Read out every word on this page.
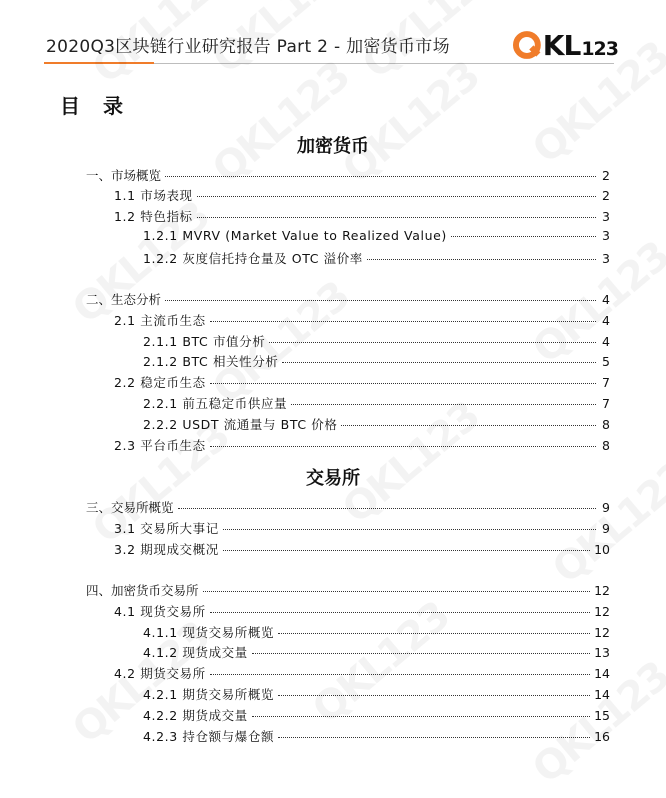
2020Q3区块链行业研究报告 Part 2 - 加密货币市场	KL 123
目 录
加密货币
一、市场概览	2
1.1 市场表现	2
1.2 特色指标	3
1.2.1 MVRV (Market Value to Realized Value)	3
1.2.2 灰度信托持仓量及 OTC 溢价率	3
二、生态分析	4
2.1 主流币生态	4
2.1.1 BTC 市值分析	4
2.1.2 BTC 相关性分析	5
2.2 稳定币生态	7
2.2.1 前五稳定币供应量	7
2.2.2 USDT 流通量与 BTC 价格	8
2.3 平台币生态	8
交易所
三、交易所概览	9
3.1 交易所大事记	9
3.2 期现成交概况	10
四、加密货币交易所	12
4.1 现货交易所	12
4.1.1 现货交易所概览	12
4.1.2 现货成交量	13
4.2 期货交易所	14
4.2.1 期货交易所概览	14
4.2.2 期货成交量	15
4.2.3 持仓额与爆仓额	16
